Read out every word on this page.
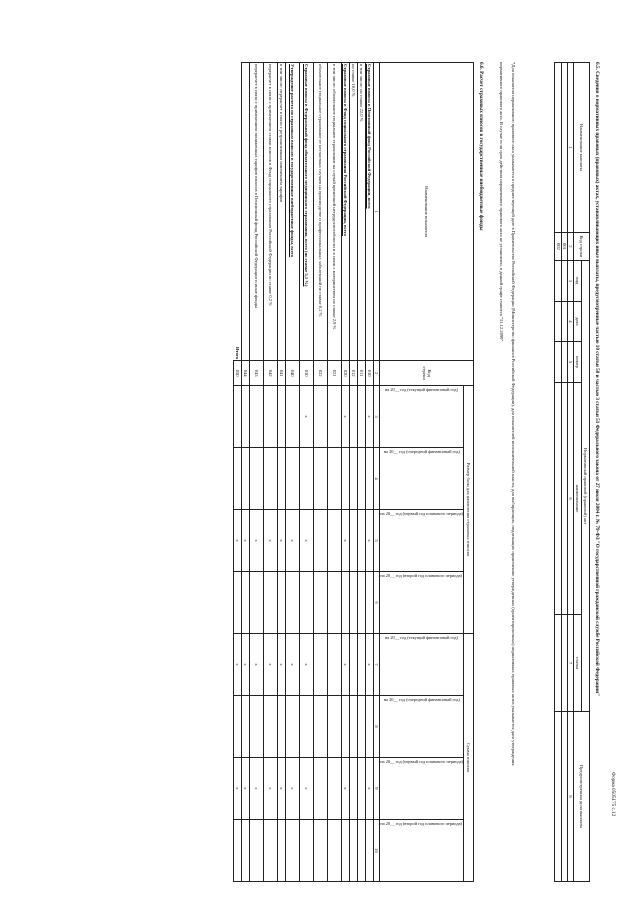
Форма 0505175 с.12
6.5. Сведения о нормативных правовых (правовых) актах, устанавливающих иные выплаты, предусмотренные частью 10 статьи 50 и частью 3 статьи 51 Федерального закона от 27 июля 2004 г. № 79-ФЗ "О государственной гражданской службе Российской Федерации"
Наименование выплаты	Код строки	Нормативный правовой (правовой) акт					Предусмотренная доля выплаты
		вид	дата	номер	наименование	статья	
1	2	3	4	5	6	7	8
	001						
	002						
*Для показателя нормативного правового акта указывается в предшествующей дате в Правительство Российской Федерации (Министерство финансов Российской Федерации), для показателей исполнительной власти, для выбирающих, подлежащих применению утвержденных (ориентировочных) нормативных правовых актов указывается дата утверждения
нормативного правового акта. В случае если срок действия нормативного правового акта не установлен, в данной графе ставится "31.12.2099"
6.6. Расчет страховых взносов в государственные внебюджетные фонды
Наименование показателя	Код строки	Размер базы для начисления страховых взносов				Сумма взносов			

		на 20__ год (текущий финансовый год)	на 20__ год (очередной финансовый год)	на 20__ год (первый год планового периода)	на 20__ год (второй год планового периода)	на 20__ год (текущий финансовый год)	на 20__ год (очередной финансовый год)	на 20__ год (первый год планового периода)	на 20__ год (второй год планового периода)

1	2	3	4	5	6	7	8	9	10
Страховые взносы в Пенсионный фонд Российской Федерации, всего	010	x		x		x		x	
в том числе: по ставке 22,0 %	011								
по ставке 10,0 %	012								
Страховые взносы в Фонд социального страхования Российской Федерации, всего	020	x		x		x		x	
в том числе: обязательное социальное страхование на случай временной нетрудоспособности и в связи с материнством по ставке 2,9 %	021								
обязательное социальное страхование от несчастных случаев на производстве и профессиональных заболеваний по ставке 0,2 %	022								
Страховые взносы в Федеральный фонд обязательного медицинского страхования, всего (по ставке 5,1 %)	030	x		x		x		x	
Утверждение расчета по страховым взносам в государственные внебюджетные фонды, всего	040			x		x		x	
в том числе: перерасчет в связи с ретроактивным изменением тарифов	041			x		x		x	
перерасчет в связи с применением ставки взносов в Фонд социального страхования Российской Федерации по ставке 0,2 %	042			x		x		x	
перерасчет в связи с применением пониженных тарифов взносов в Пенсионный фонд Российской Федерации и иные фонды	043			x		x		x	
	044			x		x		x	
Итого	050			x		x		x	
